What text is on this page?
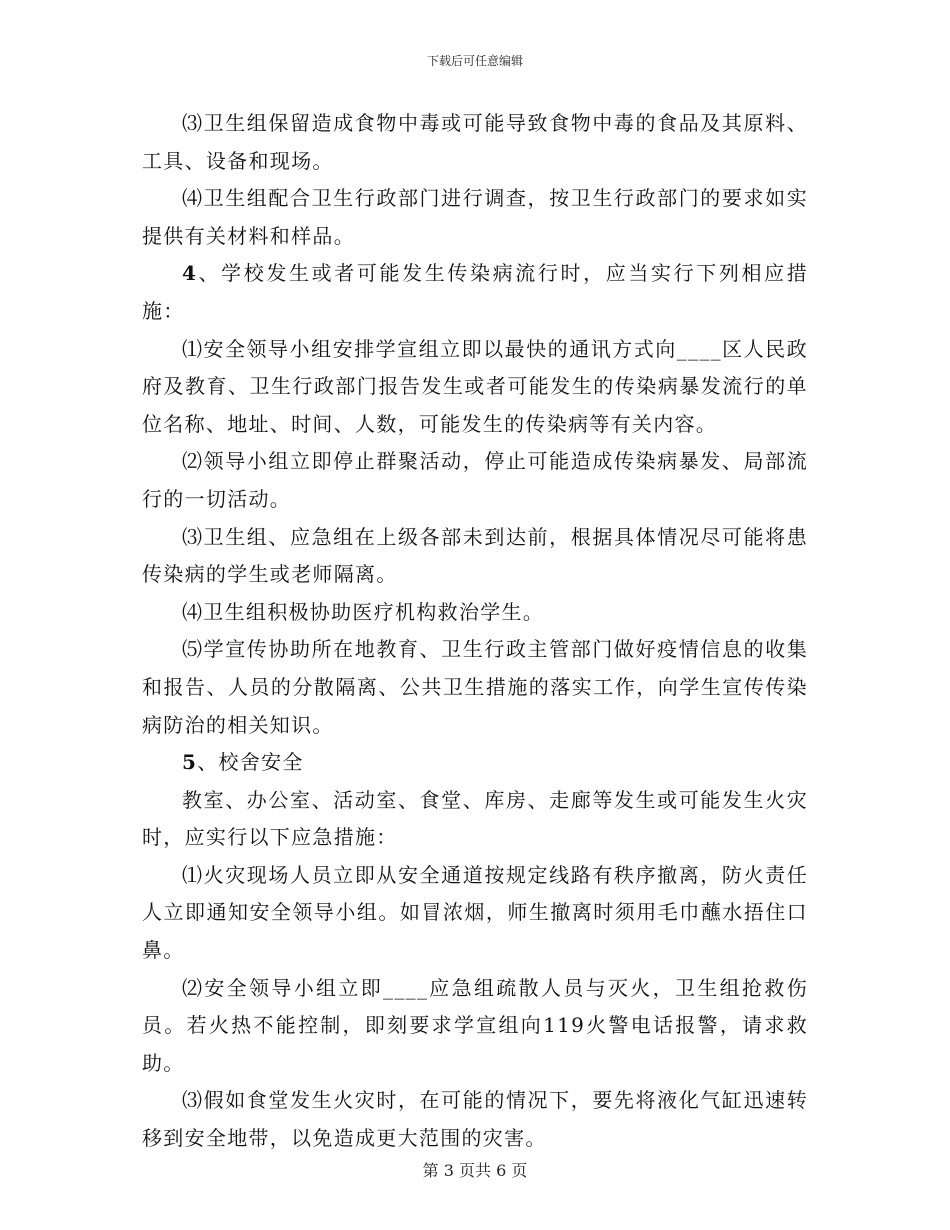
下载后可任意编辑

⑶卫生组保留造成食物中毒或可能导致食物中毒的食品及其原料、工具、设备和现场。

⑷卫生组配合卫生行政部门进行调查，按卫生行政部门的要求如实提供有关材料和样品。

4、学校发生或者可能发生传染病流行时，应当实行下列相应措施：

⑴安全领导小组安排学宣组立即以最快的通讯方式向____区人民政府及教育、卫生行政部门报告发生或者可能发生的传染病暴发流行的单位名称、地址、时间、人数，可能发生的传染病等有关内容。

⑵领导小组立即停止群聚活动，停止可能造成传染病暴发、局部流行的一切活动。

⑶卫生组、应急组在上级各部未到达前，根据具体情况尽可能将患传染病的学生或老师隔离。

⑷卫生组积极协助医疗机构救治学生。

⑸学宣传协助所在地教育、卫生行政主管部门做好疫情信息的收集和报告、人员的分散隔离、公共卫生措施的落实工作，向学生宣传传染病防治的相关知识。

5、校舍安全

教室、办公室、活动室、食堂、库房、走廊等发生或可能发生火灾时，应实行以下应急措施：

⑴火灾现场人员立即从安全通道按规定线路有秩序撤离，防火责任人立即通知安全领导小组。如冒浓烟，师生撤离时须用毛巾蘸水捂住口鼻。

⑵安全领导小组立即____应急组疏散人员与灭火，卫生组抢救伤员。若火热不能控制，即刻要求学宣组向119火警电话报警，请求救助。

⑶假如食堂发生火灾时，在可能的情况下，要先将液化气缸迅速转移到安全地带，以免造成更大范围的灾害。

第 3 页共 6 页
